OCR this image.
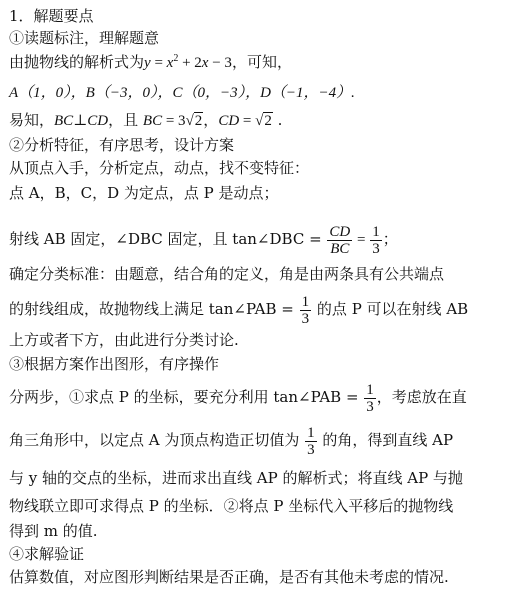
1．解题要点
①读题标注，理解题意
由抛物线的解析式为$y = x^2 + 2x - 3$，可知，
A（1，0），B（−3，0），C（0，−3），D（−1，−4）.
易知，BC⊥CD，且 BC = 3√2，CD = √2 .
②分析特征，有序思考，设计方案
从顶点入手，分析定点，动点，找不变特征：
点 A，B，C，D 为定点，点 P 是动点；
射线 AB 固定，∠DBC 固定，且 tan∠DBC = $\frac{CD}{BC} = \frac{1}{3}$ ；
确定分类标准：由题意，结合角的定义，角是由两条具有公共端点
的射线组成，故抛物线上满足 tan∠PAB = $\frac{1}{3}$ 的点 P 可以在射线 AB
上方或者下方，由此进行分类讨论.
③根据方案作出图形，有序操作
分两步，①求点 P 的坐标，要充分利用 tan∠PAB = $\frac{1}{3}$ ，考虑放在直
角三角形中，以定点 A 为顶点构造正切值为 $\frac{1}{3}$ 的角，得到直线 AP
与 y 轴的交点的坐标，进而求出直线 AP 的解析式；将直线 AP 与抛
物线联立即可求得点 P 的坐标．②将点 P 坐标代入平移后的抛物线
得到 m 的值.
④求解验证
估算数值，对应图形判断结果是否正确，是否有其他未考虑的情况.
